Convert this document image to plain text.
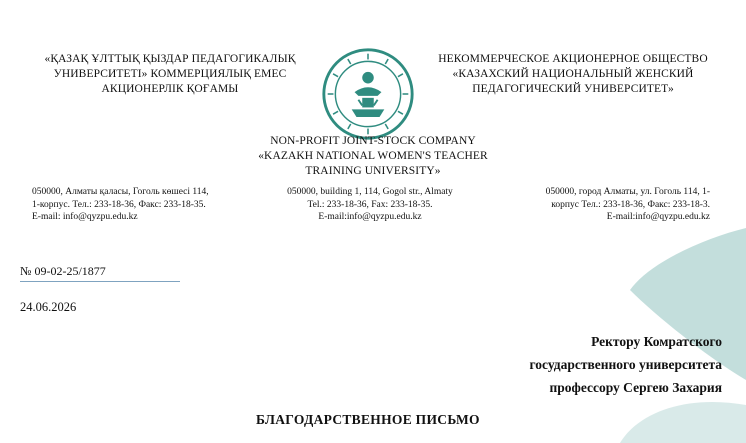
«ҚАЗАҚ ҰЛТТЫҚ ҚЫЗДАР ПЕДАГОГИКАЛЫҚ
УНИВЕРСИТЕТІ» КОММЕРЦИЯЛЫҚ ЕМЕС
АКЦИОНЕРЛІК ҚОҒАМЫ
НЕКОММЕРЧЕСКОЕ АКЦИОНЕРНОЕ ОБЩЕСТВО
«КАЗАХСКИЙ НАЦИОНАЛЬНЫЙ ЖЕНСКИЙ
ПЕДАГОГИЧЕСКИЙ УНИВЕРСИТЕТ»
NON-PROFIT JOINT-STOCK COMPANY
«KAZAKH NATIONAL WOMEN'S TEACHER
TRAINING UNIVERSITY»
050000, Алматы қаласы, Гоголь көшесі 114,
1-корпус. Тел.: 233-18-36, Факс: 233-18-35.
E-mail: info@qyzpu.edu.kz
050000, building 1, 114, Gogol str., Almaty
Tel.: 233-18-36, Fax: 233-18-35.
E-mail:info@qyzpu.edu.kz
050000, город Алматы, ул. Гоголь 114, 1-
корпус Тел.: 233-18-36, Факс: 233-18-3.
E-mail:info@qyzpu.edu.kz
№ 09-02-25/1877
24.06.2026
Ректору Комратского
государственного университета
профессору Сергею Захария
БЛАГОДАРСТВЕННОЕ ПИСЬМО
